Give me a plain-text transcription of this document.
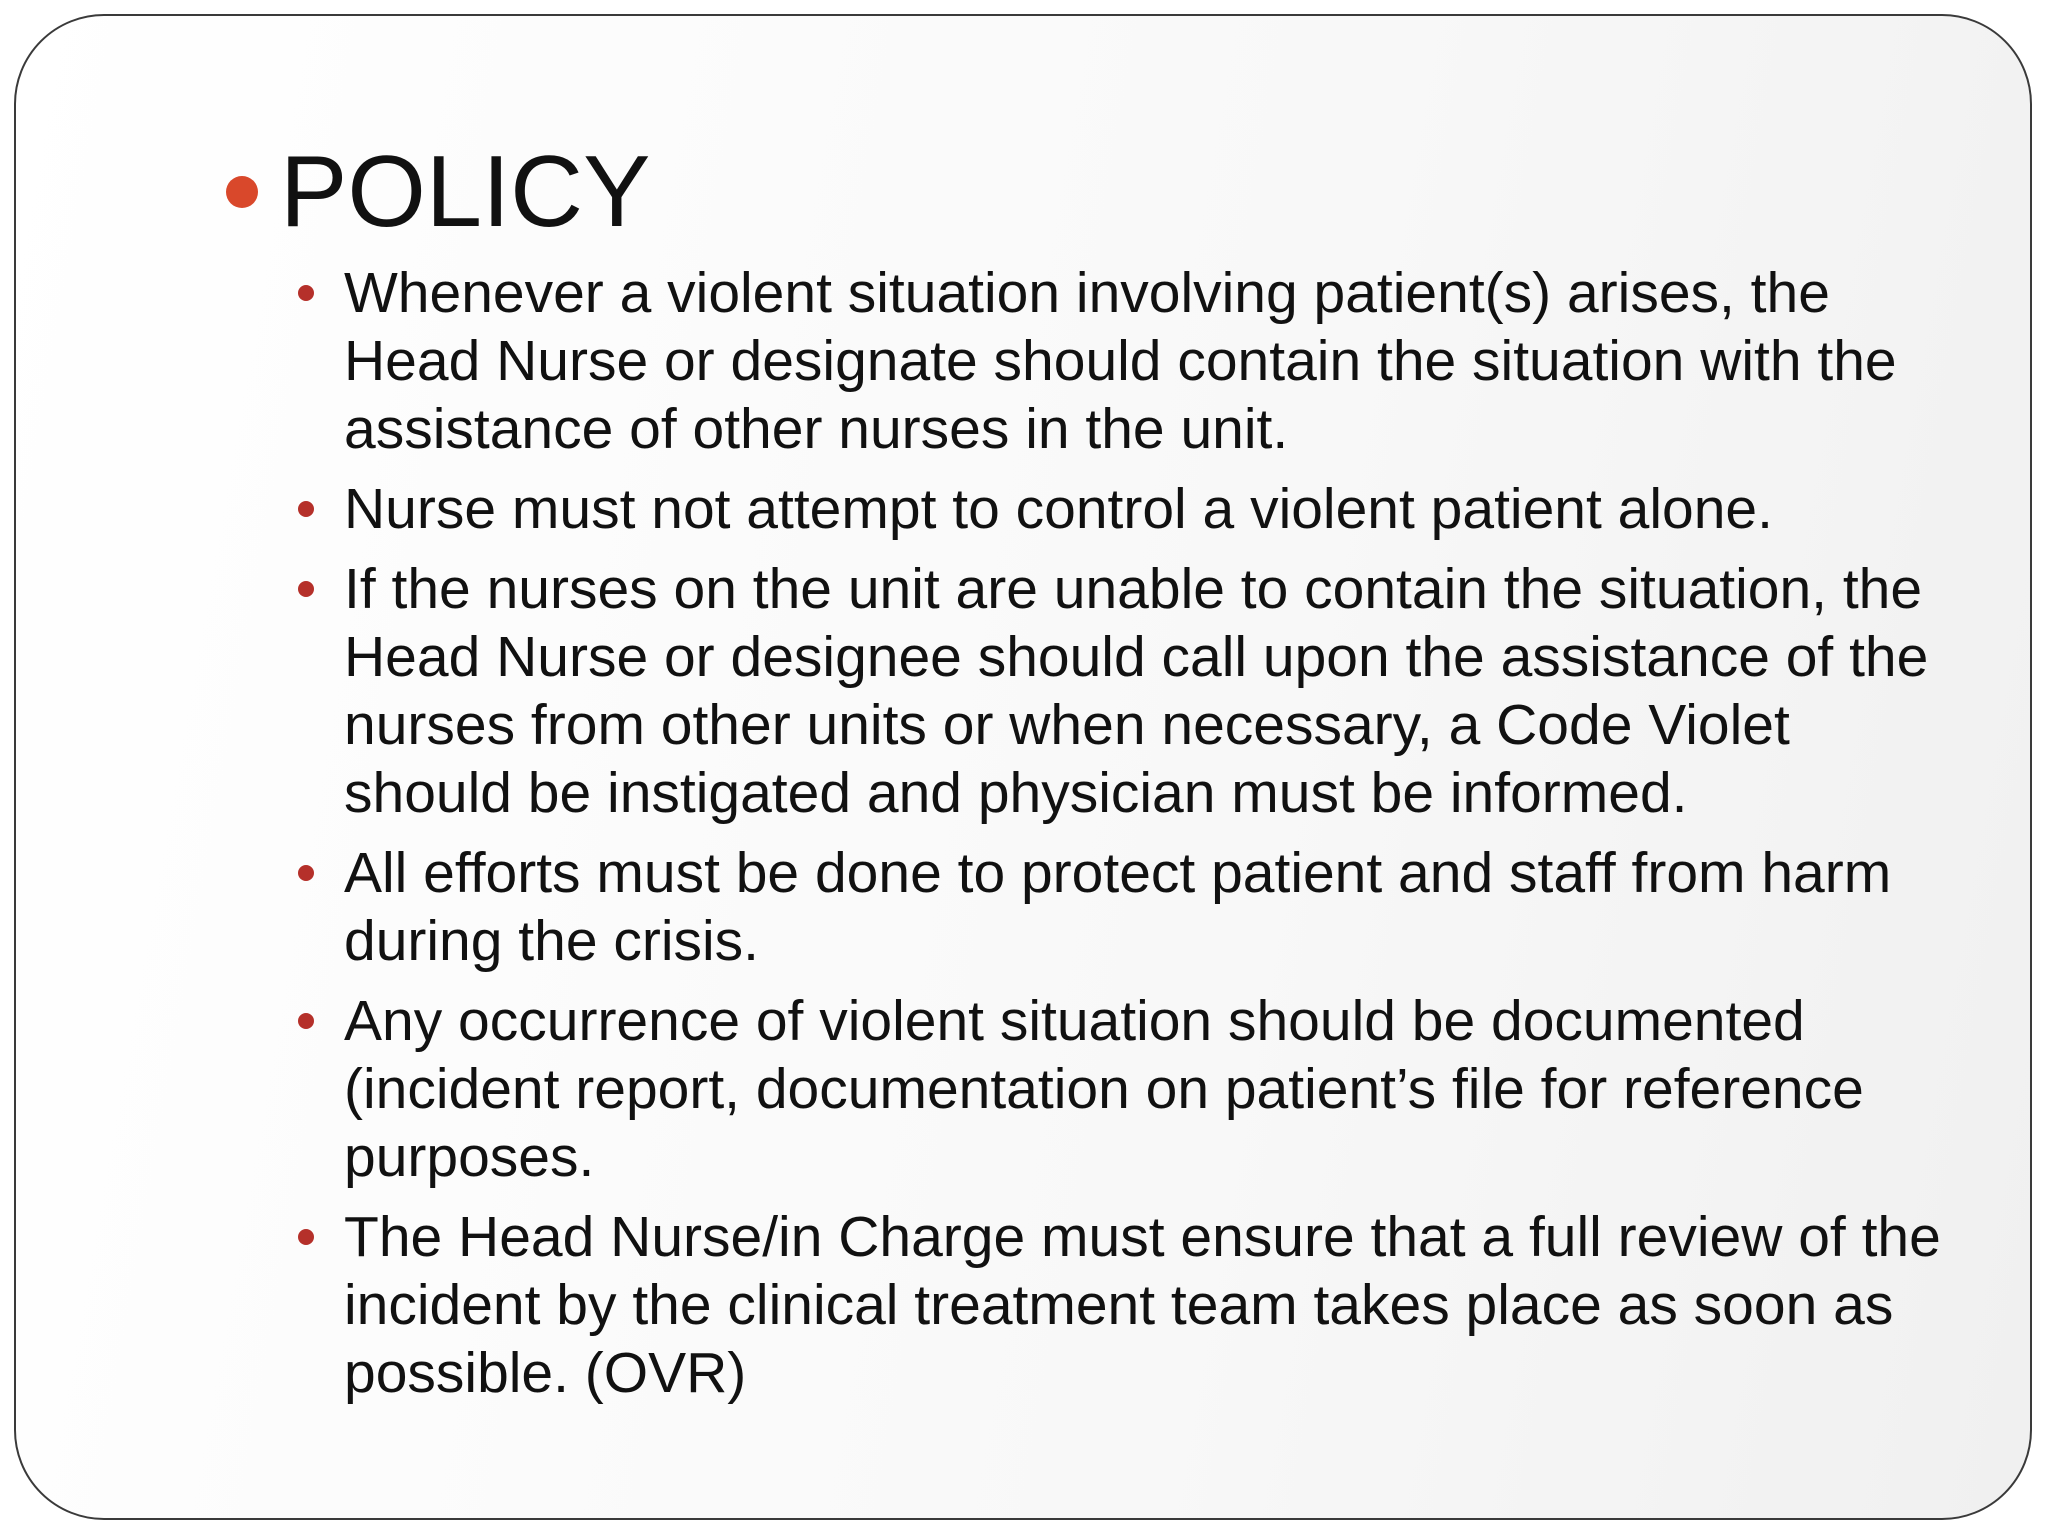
POLICY
Whenever a violent situation involving patient(s) arises, the Head Nurse or designate should contain the situation with the assistance of other nurses in the unit.
Nurse must not attempt to control a violent patient alone.
If the nurses on the unit are unable to contain the situation, the Head Nurse or designee should call upon the assistance of the nurses from other units or when necessary, a Code Violet should be instigated and physician must be informed.
All efforts must be done to protect patient and staff from harm during the crisis.
Any occurrence of violent situation should be documented (incident report, documentation on patient’s file for reference purposes.
The Head Nurse/in Charge must ensure that a full review of the incident by the clinical treatment team takes place as soon as possible. (OVR)
